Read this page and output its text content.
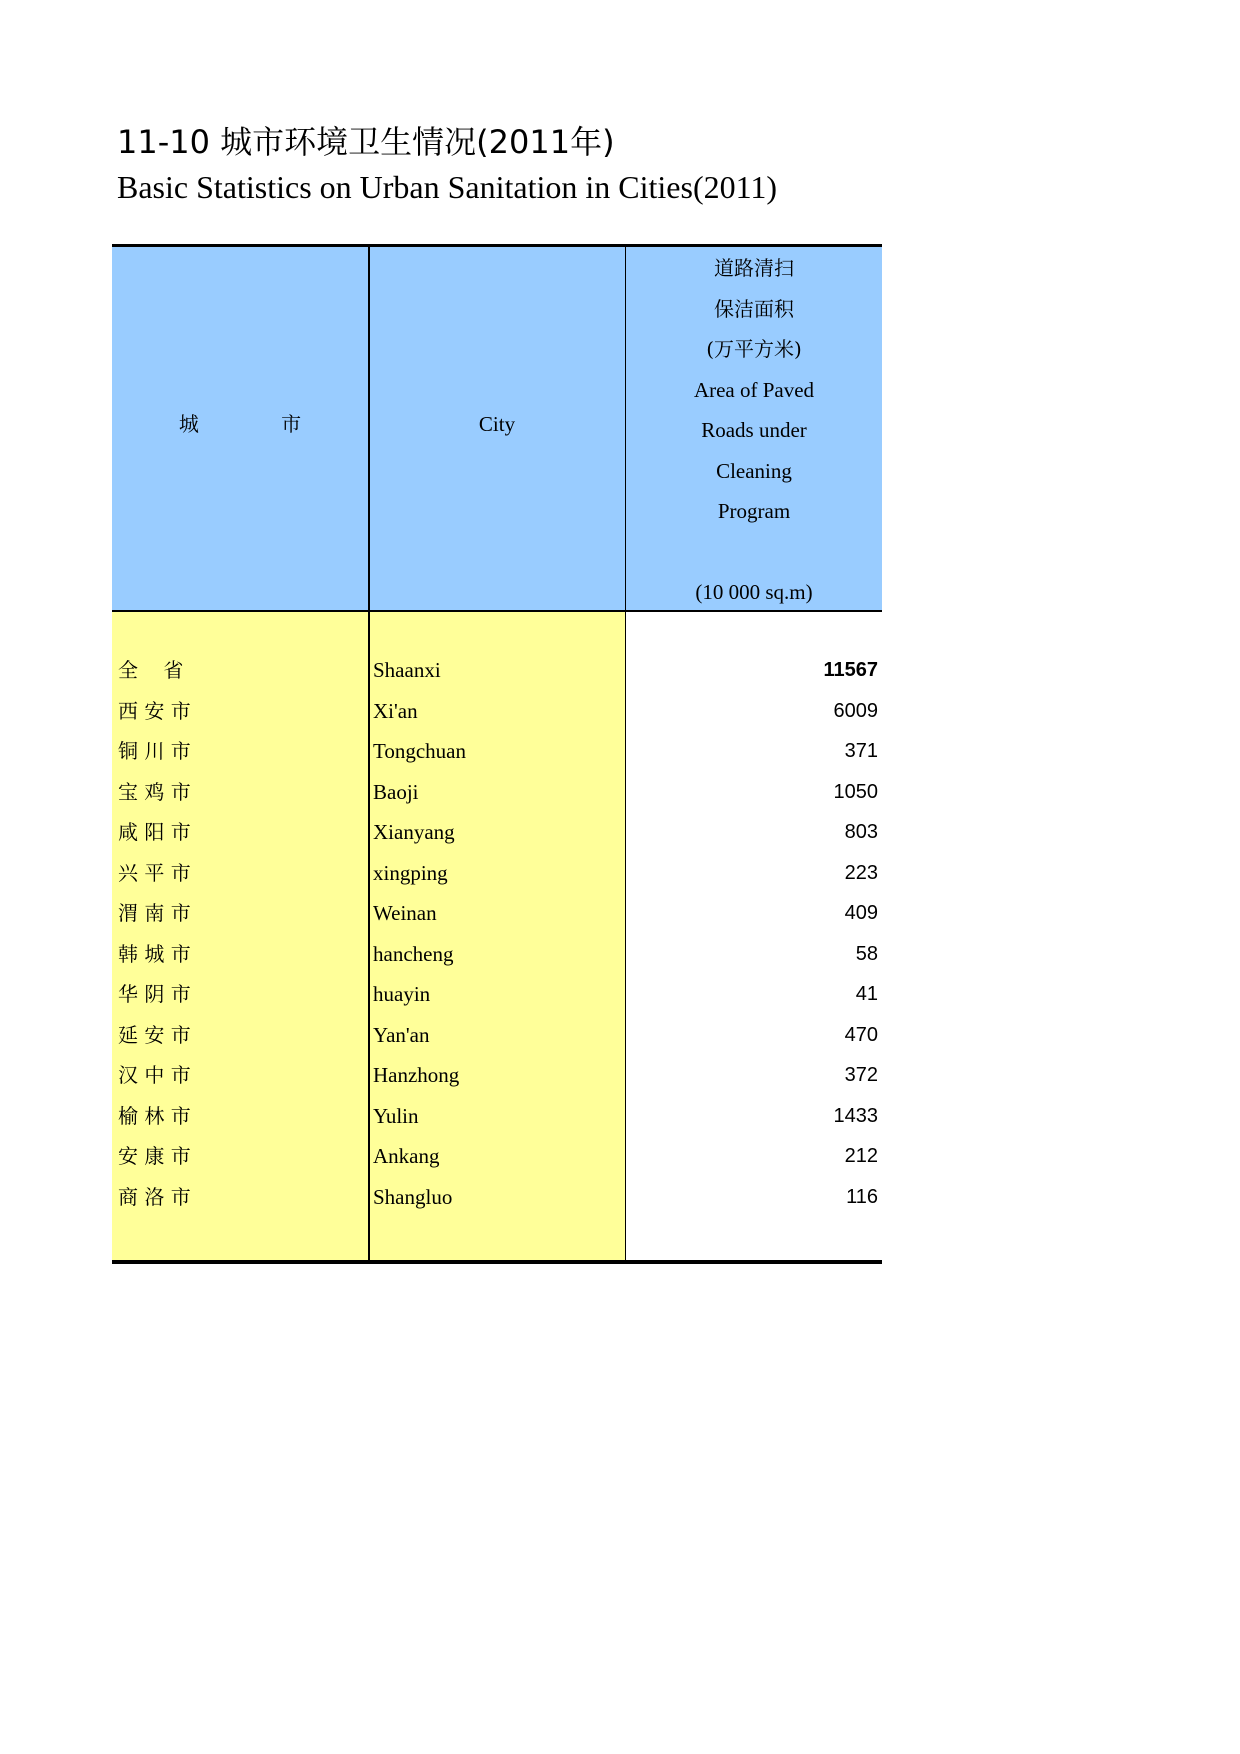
11-10 城市环境卫生情况(2011年)
Basic Statistics on Urban Sanitation in Cities(2011)
城 市	City
道路清扫
保洁面积
(万平方米)
Area of Paved
Roads under
Cleaning
Program
(10 000 sq.m)
全    省	Shaanxi	11567
西 安 市	Xi'an	6009
铜 川 市	Tongchuan	371
宝 鸡 市	Baoji	1050
咸 阳 市	Xianyang	803
兴 平 市	xingping	223
渭 南 市	Weinan	409
韩 城 市	hancheng	58
华 阴 市	huayin	41
延 安 市	Yan'an	470
汉 中 市	Hanzhong	372
榆 林 市	Yulin	1433
安 康 市	Ankang	212
商 洛 市	Shangluo	116
